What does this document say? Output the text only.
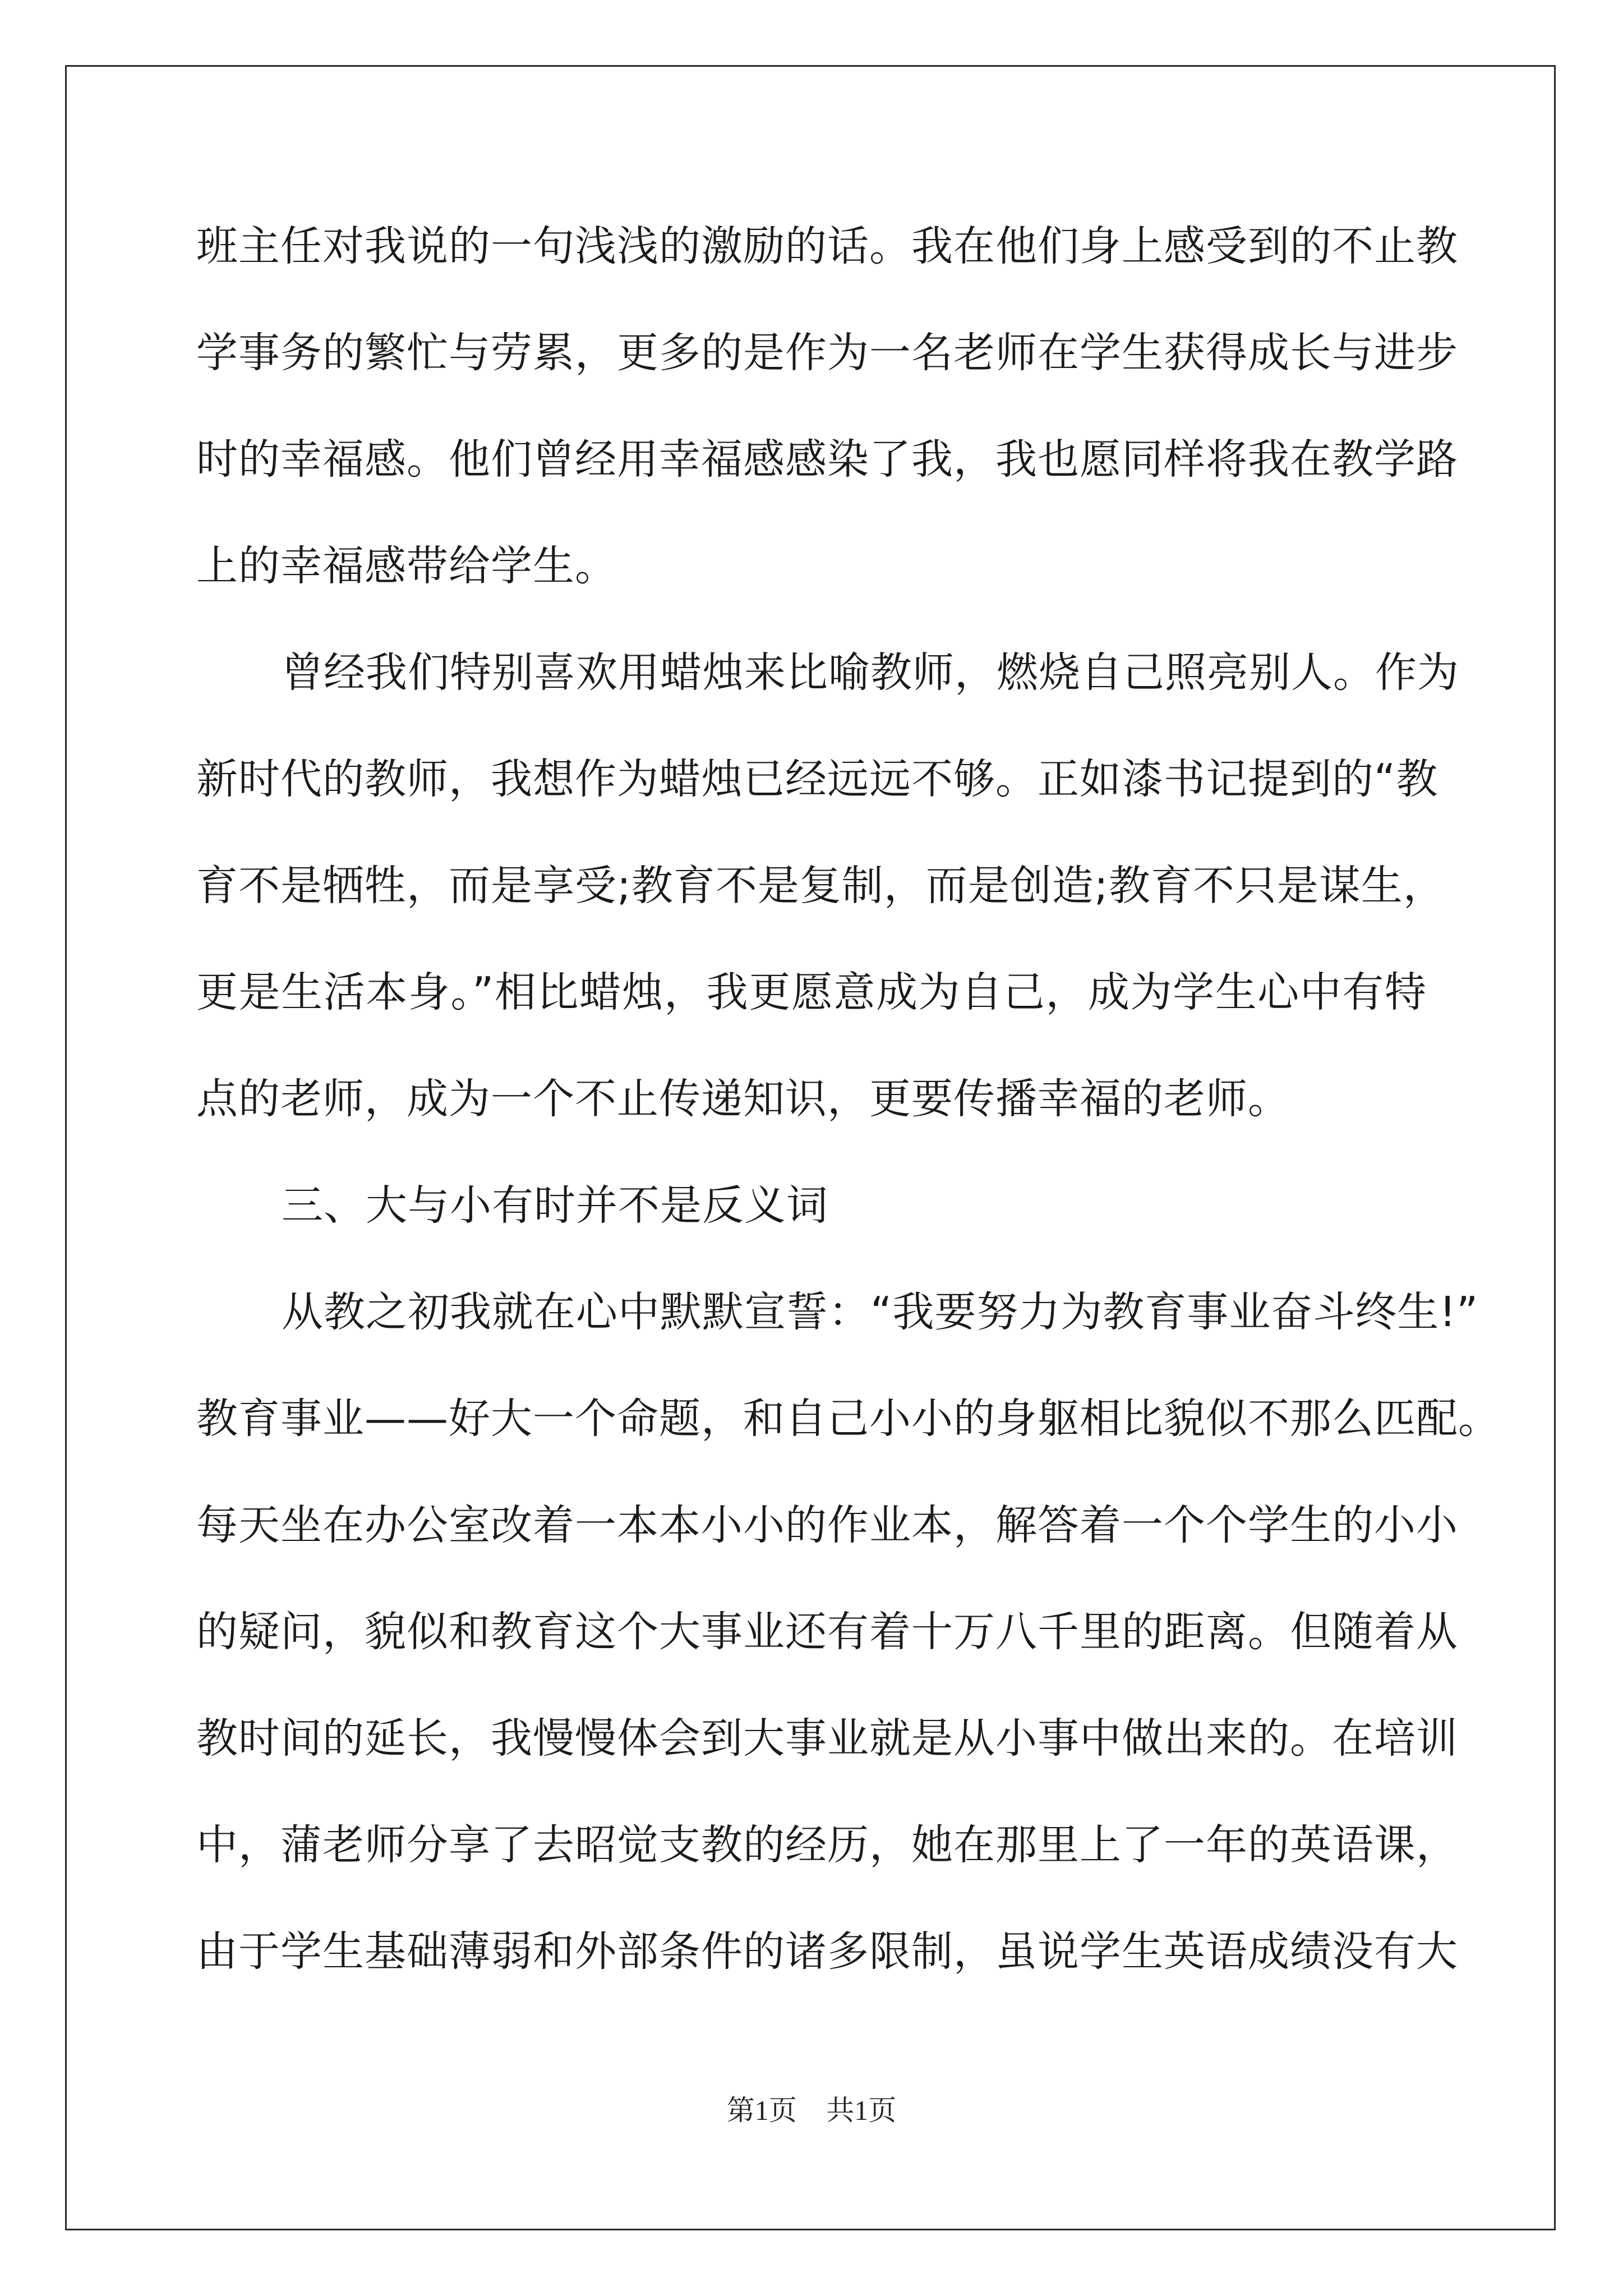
班主任对我说的一句浅浅的激励的话。我在他们身上感受到的不止教
学事务的繁忙与劳累，更多的是作为一名老师在学生获得成长与进步
时的幸福感。他们曾经用幸福感感染了我，我也愿同样将我在教学路
上的幸福感带给学生。
曾经我们特别喜欢用蜡烛来比喻教师，燃烧自己照亮别人。作为
新时代的教师，我想作为蜡烛已经远远不够。正如漆书记提到的“教
育不是牺牲，而是享受;教育不是复制，而是创造;教育不只是谋生，
更是生活本身。”相比蜡烛，我更愿意成为自己，成为学生心中有特
点的老师，成为一个不止传递知识，更要传播幸福的老师。
三、大与小有时并不是反义词
从教之初我就在心中默默宣誓：“我要努力为教育事业奋斗终生!”
教育事业——好大一个命题，和自己小小的身躯相比貌似不那么匹配。
每天坐在办公室改着一本本小小的作业本，解答着一个个学生的小小
的疑问，貌似和教育这个大事业还有着十万八千里的距离。但随着从
教时间的延长，我慢慢体会到大事业就是从小事中做出来的。在培训
中，蒲老师分享了去昭觉支教的经历，她在那里上了一年的英语课，
由于学生基础薄弱和外部条件的诸多限制，虽说学生英语成绩没有大
第1页 共1页
